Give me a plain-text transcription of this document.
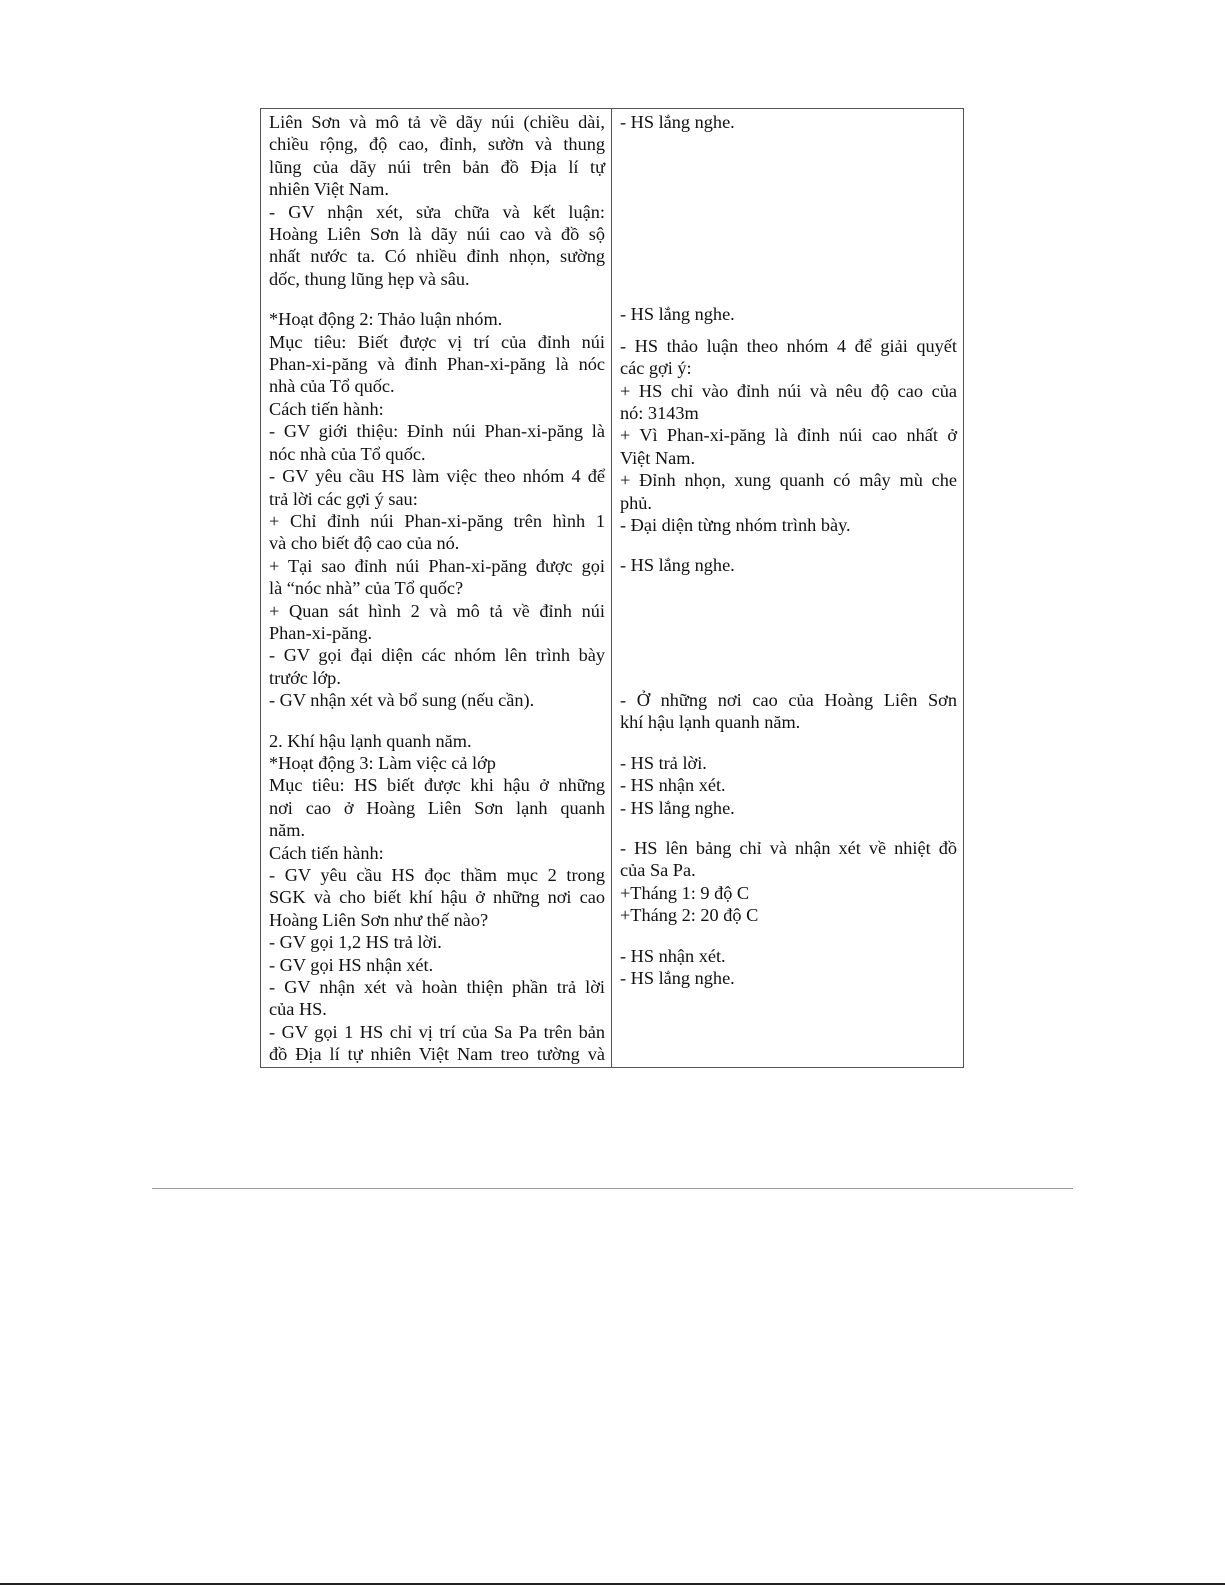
Liên Sơn và mô tả về dãy núi (chiều dài,
chiều rộng, độ cao, đỉnh, sườn và thung
lũng của dãy núi trên bản đồ Địa lí tự
nhiên Việt Nam.
- GV nhận xét, sửa chữa và kết luận:
Hoàng Liên Sơn là dãy núi cao và đồ sộ
nhất nước ta. Có nhiều đỉnh nhọn, sường
dốc, thung lũng hẹp và sâu.
*Hoạt động 2: Thảo luận nhóm.
Mục tiêu: Biết được vị trí của đỉnh núi
Phan-xi-păng và đỉnh Phan-xi-păng là nóc
nhà của Tổ quốc.
Cách tiến hành:
- GV giới thiệu: Đỉnh núi Phan-xi-păng là
nóc nhà của Tổ quốc.
- GV yêu cầu HS làm việc theo nhóm 4 để
trả lời các gợi ý sau:
+ Chỉ đỉnh núi Phan-xi-păng trên hình 1
và cho biết độ cao của nó.
+ Tại sao đỉnh núi Phan-xi-păng được gọi
là “nóc nhà” của Tổ quốc?
+ Quan sát hình 2 và mô tả về đỉnh núi
Phan-xi-păng.
- GV gọi đại diện các nhóm lên trình bày
trước lớp.
- GV nhận xét và bổ sung (nếu cần).
2. Khí hậu lạnh quanh năm.
*Hoạt động 3: Làm việc cả lớp
Mục tiêu: HS biết được khi hậu ở những
nơi cao ở Hoàng Liên Sơn lạnh quanh
năm.
Cách tiến hành:
- GV yêu cầu HS đọc thầm mục 2 trong
SGK và cho biết khí hậu ở những nơi cao
Hoàng Liên Sơn như thế nào?
- GV gọi 1,2 HS trả lời.
- GV gọi HS nhận xét.
- GV nhận xét và hoàn thiện phần trả lời
của HS.
- GV gọi 1 HS chỉ vị trí của Sa Pa trên bản
đồ Địa lí tự nhiên Việt Nam treo tường và
- HS lắng nghe.
- HS lắng nghe.
- HS thảo luận theo nhóm 4 để giải quyết
các gợi ý:
+ HS chỉ vào đỉnh núi và nêu độ cao của
nó: 3143m
+ Vì Phan-xi-păng là đỉnh núi cao nhất ở
Việt Nam.
+ Đỉnh nhọn, xung quanh có mây mù che
phủ.
- Đại diện từng nhóm trình bày.
- HS lắng nghe.
- Ở những nơi cao của Hoàng Liên Sơn
khí hậu lạnh quanh năm.
- HS trả lời.
- HS nhận xét.
- HS lắng nghe.
- HS lên bảng chỉ và nhận xét về nhiệt đồ
của Sa Pa.
+Tháng 1: 9 độ C
+Tháng 2: 20 độ C
- HS nhận xét.
- HS lắng nghe.
